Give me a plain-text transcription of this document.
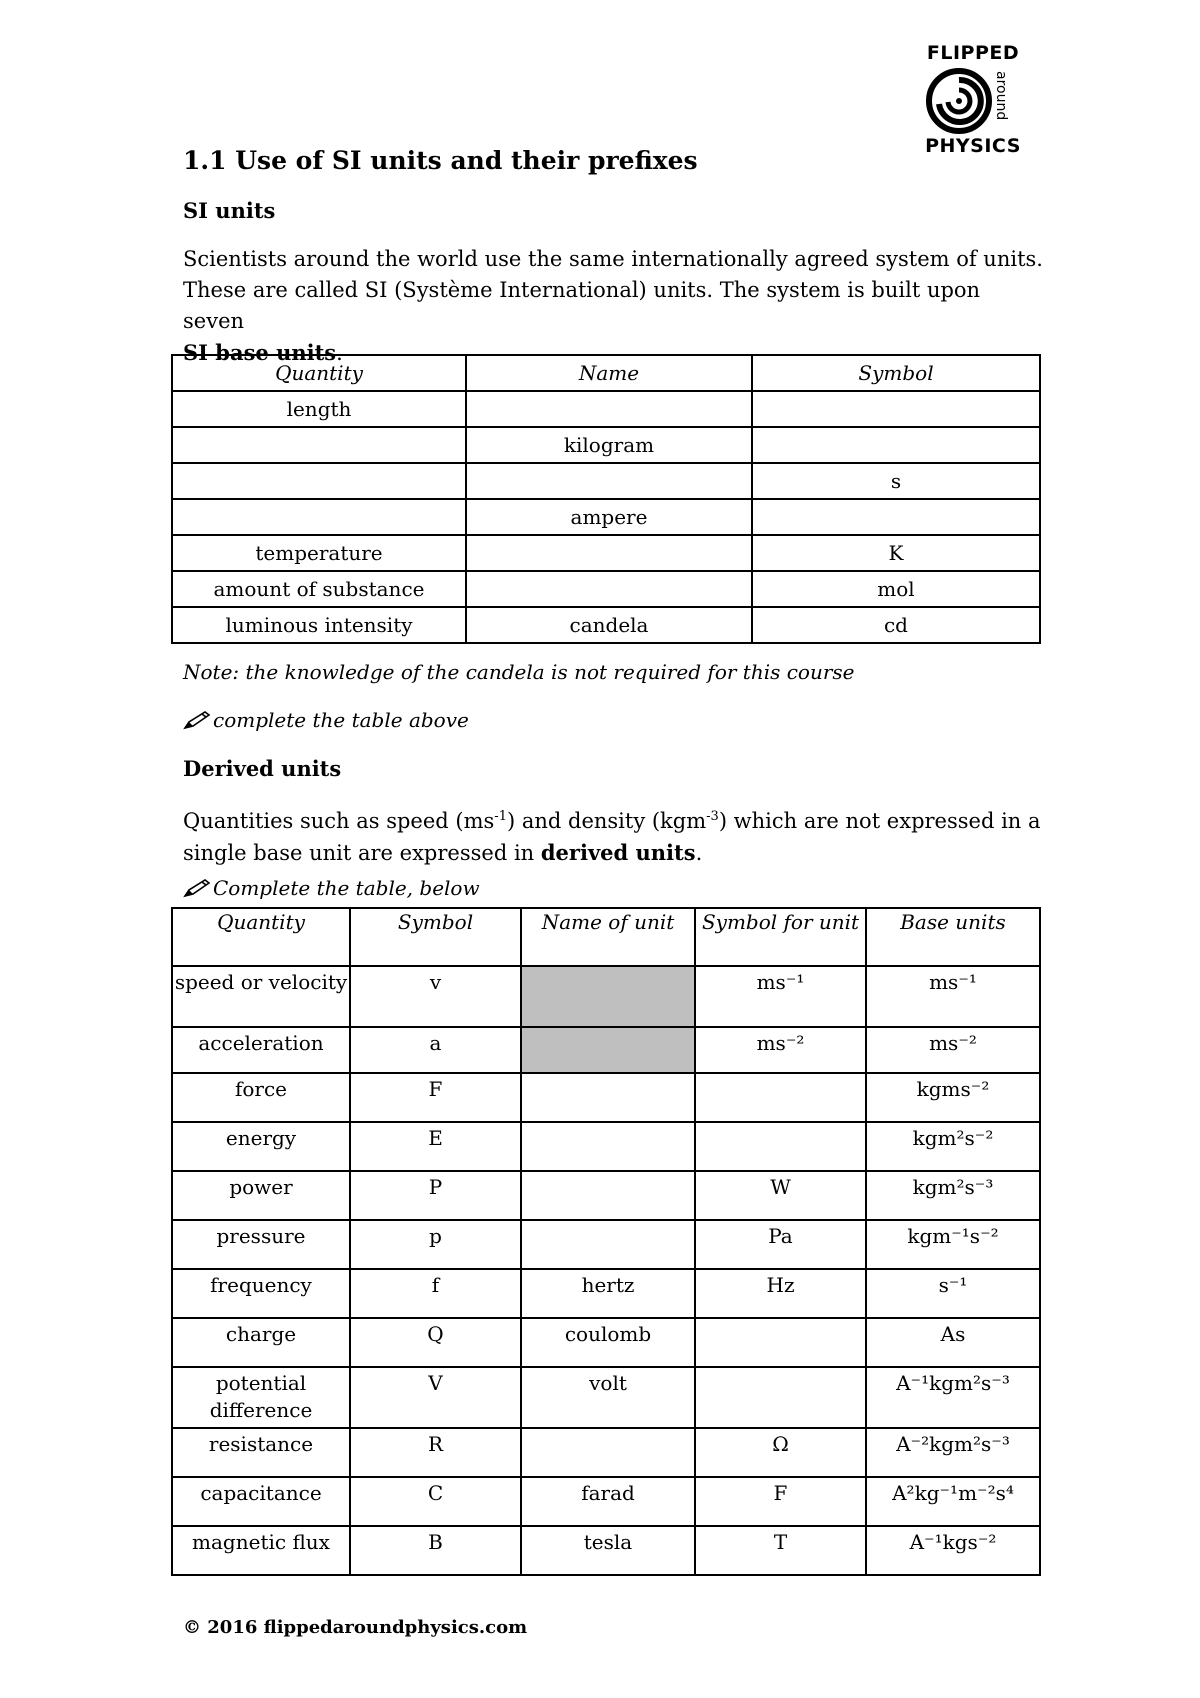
FLIPPED
around
PHYSICS
1.1 Use of SI units and their prefixes
SI units
Scientists around the world use the same internationally agreed system of units.
These are called SI (Système International) units. The system is built upon seven
SI base units.
Quantity	Name	Symbol
length		
	kilogram	
		s
	ampere	
temperature		K
amount of substance		mol
luminous intensity	candela	cd
Note: the knowledge of the candela is not required for this course
complete the table above
Derived units
Quantities such as speed $(ms^{-1})$ and density (kgm$^{-3}$) which are not expressed in a
single base unit are expressed in derived units.
Complete the table, below
Quantity	Symbol	Name of unit	Symbol for unit	Base units
speed or velocity	v		ms⁻¹	ms⁻¹
acceleration	a		ms⁻²	ms⁻²
force	F			kgms⁻²
energy	E			kgm²s⁻²
power	P		W	kgm²s⁻³
pressure	p		Pa	kgm⁻¹s⁻²
frequency	f	hertz	Hz	s⁻¹
charge	Q	coulomb		As
potential difference	V	volt		A⁻¹kgm²s⁻³
resistance	R		Ω	A⁻²kgm²s⁻³
capacitance	C	farad	F	A²kg⁻¹m⁻²s⁴
magnetic flux	B	tesla	T	A⁻¹kgs⁻²
© 2016 flippedaroundphysics.com
